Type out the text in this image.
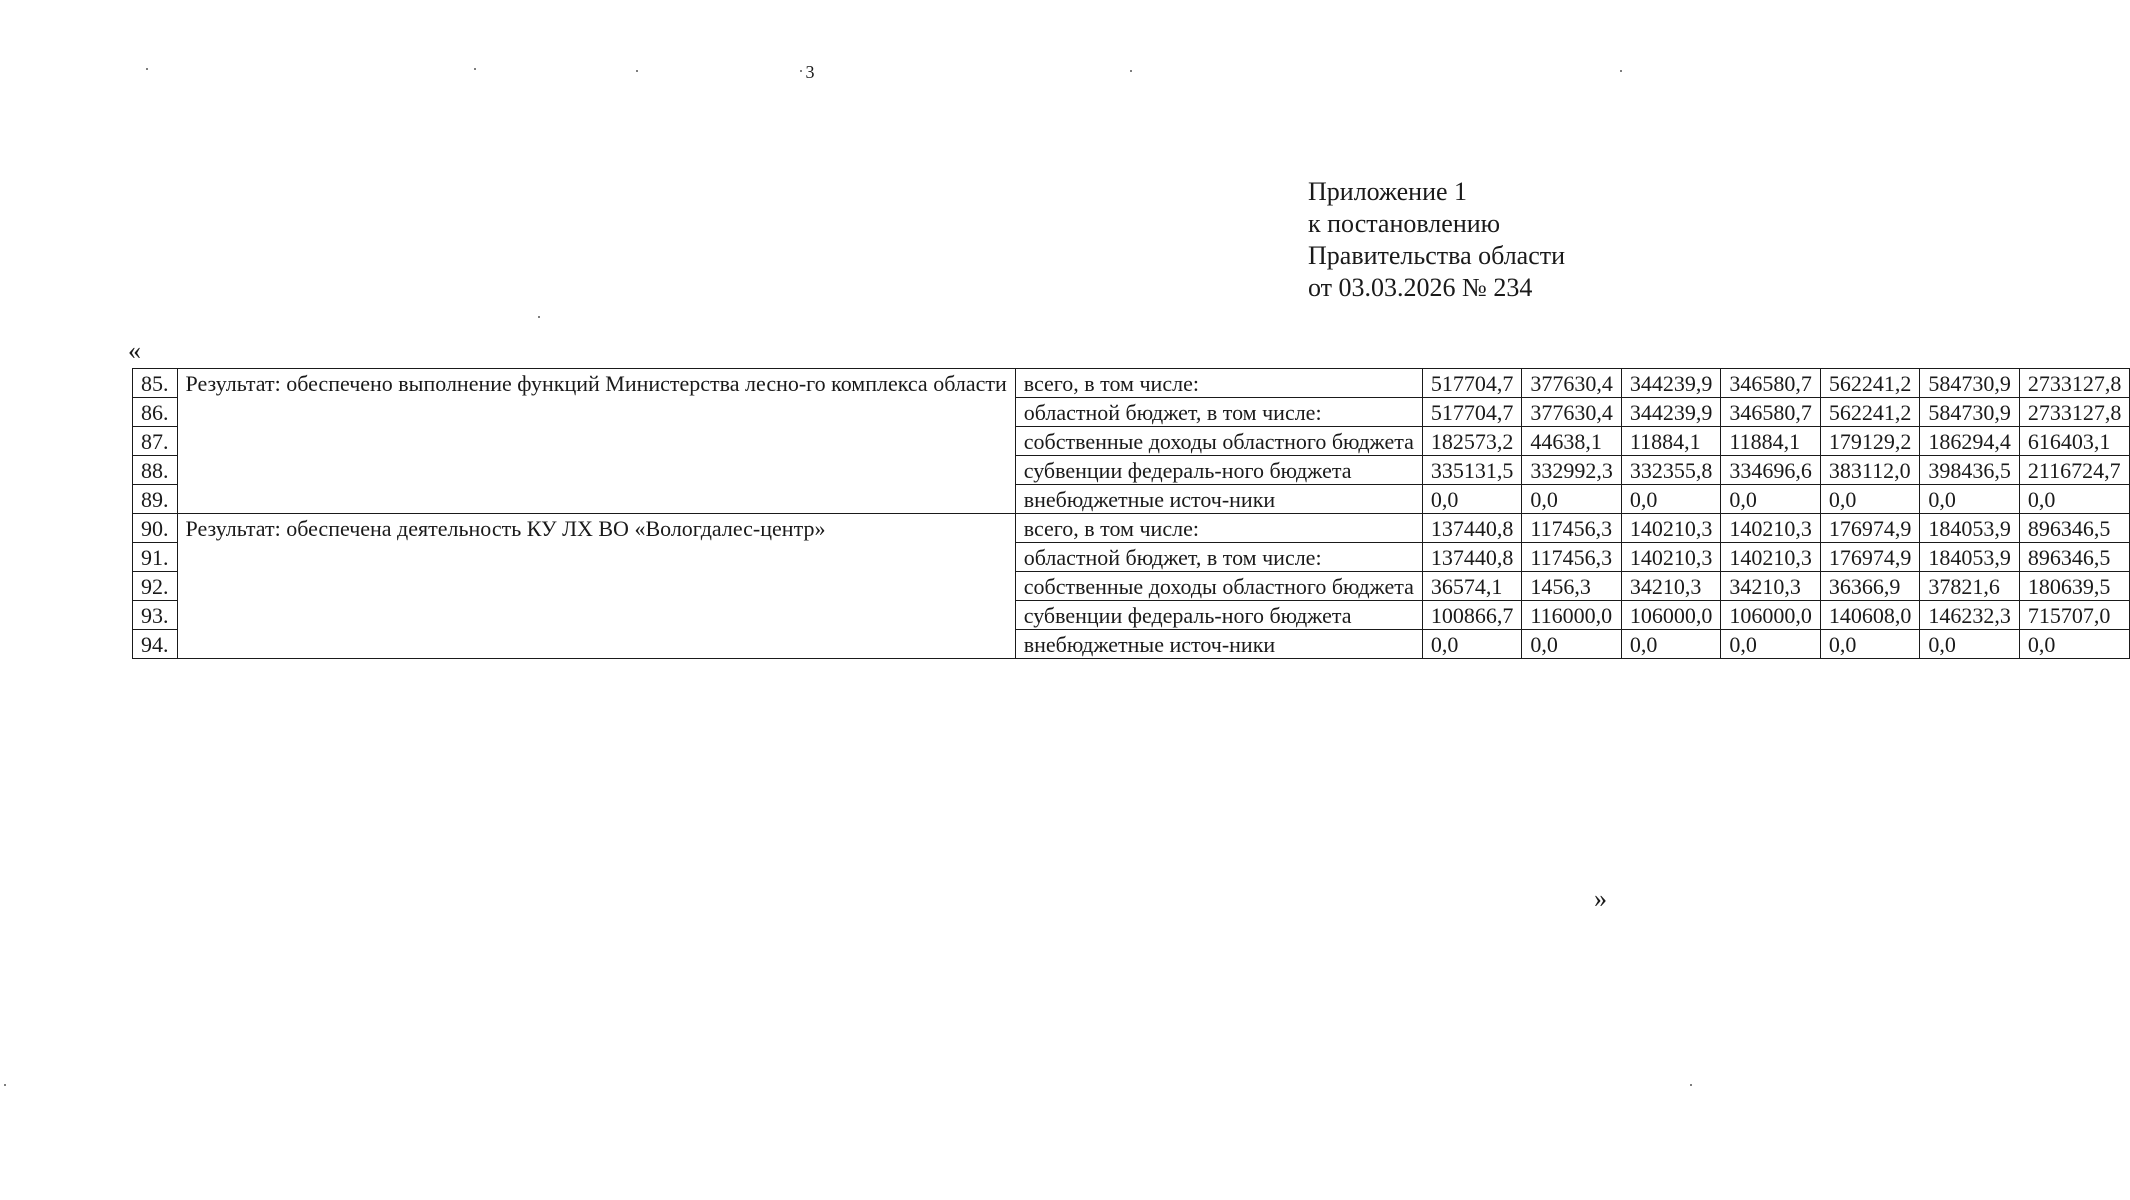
3
Приложение 1
к постановлению
Правительства области
от 03.03.2026 № 234
«
85.	Результат: обеспечено выполнение функций Министерства лесно-го комплекса области	всего, в том числе:	517704,7	377630,4	344239,9	346580,7	562241,2	584730,9	2733127,8
86.		областной бюджет, в том числе:	517704,7	377630,4	344239,9	346580,7	562241,2	584730,9	2733127,8
87.		собственные доходы областного бюджета	182573,2	44638,1	11884,1	11884,1	179129,2	186294,4	616403,1
88.		субвенции федераль-ного бюджета	335131,5	332992,3	332355,8	334696,6	383112,0	398436,5	2116724,7
89.		внебюджетные источ-ники	0,0	0,0	0,0	0,0	0,0	0,0	0,0
90.	Результат: обеспечена деятельность КУ ЛХ ВО «Вологдалес-центр»	всего, в том числе:	137440,8	117456,3	140210,3	140210,3	176974,9	184053,9	896346,5
91.		областной бюджет, в том числе:	137440,8	117456,3	140210,3	140210,3	176974,9	184053,9	896346,5
92.		собственные доходы областного бюджета	36574,1	1456,3	34210,3	34210,3	36366,9	37821,6	180639,5
93.		субвенции федераль-ного бюджета	100866,7	116000,0	106000,0	106000,0	140608,0	146232,3	715707,0
94.		внебюджетные источ-ники	0,0	0,0	0,0	0,0	0,0	0,0	0,0
»
